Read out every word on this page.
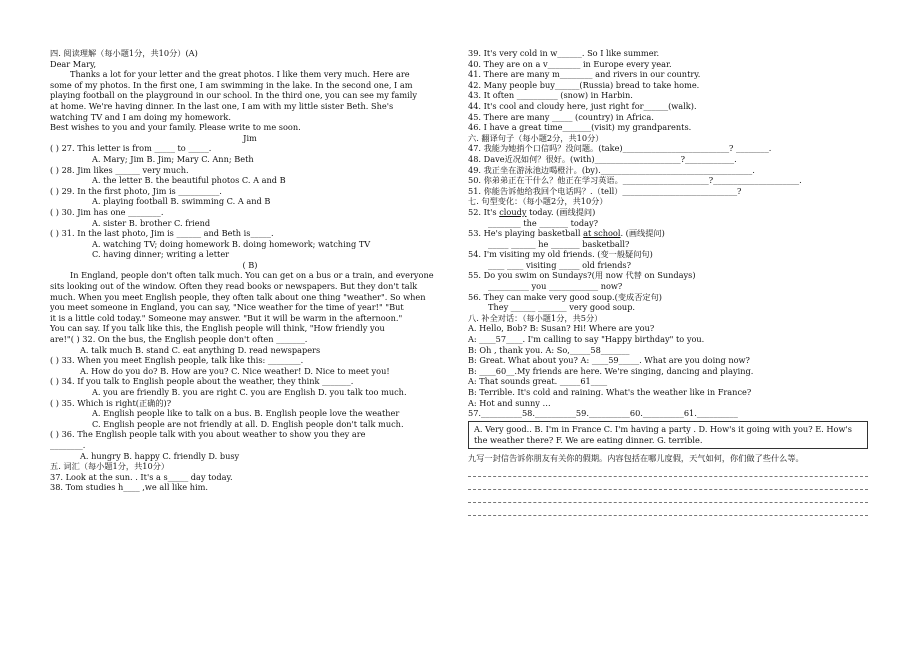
四. 阅读理解（每小题1分，共10分）(A)

Dear Mary,

Thanks a lot for your letter and the great photos. I like them very much. Here are

some of my photos. In the first one, I am swimming in the lake. In the second one, I am

playing football on the playground in our school. In the third one, you can see my family

at home. We're having dinner. In the last one, I am with my little sister Beth. She's

watching TV and I am doing my homework.

Best wishes to you and your family. Please write to me soon.

Jim

( ) 27. This letter is from _____ to _____.

A. Mary; Jim B. Jim; Mary C. Ann; Beth

( ) 28. Jim likes ______ very much.

A. the letter B. the beautiful photos C. A and B

( ) 29. In the first photo, Jim is __________.

A. playing football B. swimming C. A and B

( ) 30. Jim has one ________.

A. sister B. brother C. friend

( ) 31. In the last photo, Jim is ______ and Beth is_____.

A. watching TV; doing homework B. doing homework; watching TV

C. having dinner; writing a letter

( B)

In England, people don't often talk much. You can get on a bus or a train, and everyone

sits looking out of the window. Often they read books or newspapers. But they don't talk

much. When you meet English people, they often talk about one thing "weather". So when

you meet someone in England, you can say, "Nice weather for the time of year!" "But

it is a little cold today." Someone may answer. "But it will be warm in the afternoon."

You can say. If you talk like this, the English people will think, "How friendly you

are!"( ) 32. On the bus, the English people don't often _______.

A. talk much B. stand C. eat anything D. read newspapers

( ) 33. When you meet English people, talk like this: ________.

A. How do you do? B. How are you? C. Nice weather! D. Nice to meet you!

( ) 34. If you talk to English people about the weather, they think _______.

A. you are friendly B. you are right C. you are English D. you talk too much.

( ) 35. Which is right(正确的)?

A. English people like to talk on a bus. B. English people love the weather

C. English people are not friendly at all. D. English people don't talk much.

( ) 36. The English people talk with you about weather to show you they are

________.

A. hungry B. happy C. friendly D. busy

五. 词汇（每小题1分，共10分）

37. Look at the sun. . It's a s_____ day today.

38. Tom studies h____ ,we all like him.

39. It's very cold in w______. So I like summer.

40. They are on a v________ in Europe every year.

41. There are many m________ and rivers in our country.

42. Many people buy______(Russia) bread to take home.

43. It often __________ (snow) in Harbin.

44. It's cool and cloudy here, just right for______(walk).

45. There are many _____ (country) in Africa.

46. I have a great time_______(visit) my grandparents.

六. 翻译句子（每小题2分，共10分）

47. 我能为她捎个口信吗？没问题。(take)__________________________? ________.

48. Dave近况如何？很好。(with)_____________________?____________.

49. 我正坐在游泳池边喝橙汁。(by)._____________________________________.

50. 你弟弟正在干什么？他正在学习英语。_____________________?_____________________.

51. 你能告诉他给我回个电话吗？.（tell）____________________________?

七. 句型变化：（每小题2分，共10分）

52. It's cloudy today. (画线提问)

________ the _______ today?

53. He's playing basketball at school. (画线提问)

_____ ______ he _______ basketball?

54. I'm visiting my old friends. (变一般疑问句)

____ ____ visiting _____ old friends?

55. Do you swim on Sundays?(用 now 代替 on Sundays)

__________ you ____________ now?

56. They can make very good soup.(变成否定句)

They ______ _______ very good soup.

八. 补全对话：（每小题1分，共5分）

A. Hello, Bob? B: Susan? Hi! Where are you?

A: ____57____. I'm calling to say "Happy birthday" to you.

B: Oh , thank you. A: So,_____58_______

B: Great. What about you? A: ____59_____. What are you doing now?

B: ____60__.My friends are here. We're singing, dancing and playing.

A: That sounds great. _____61____

B: Terrible. It's cold and raining. What's the weather like in France?

A: Hot and sunny …

57.__________58.__________59.__________60.__________61.__________

A. Very good.. B. I'm in France C. I'm having a party . D. How's it going with you? E. How's the weather there? F. We are eating dinner. G. terrible.

九写一封信告诉你朋友有关你的假期。内容包括在哪儿度假，天气如何，你们做了些什么等。
